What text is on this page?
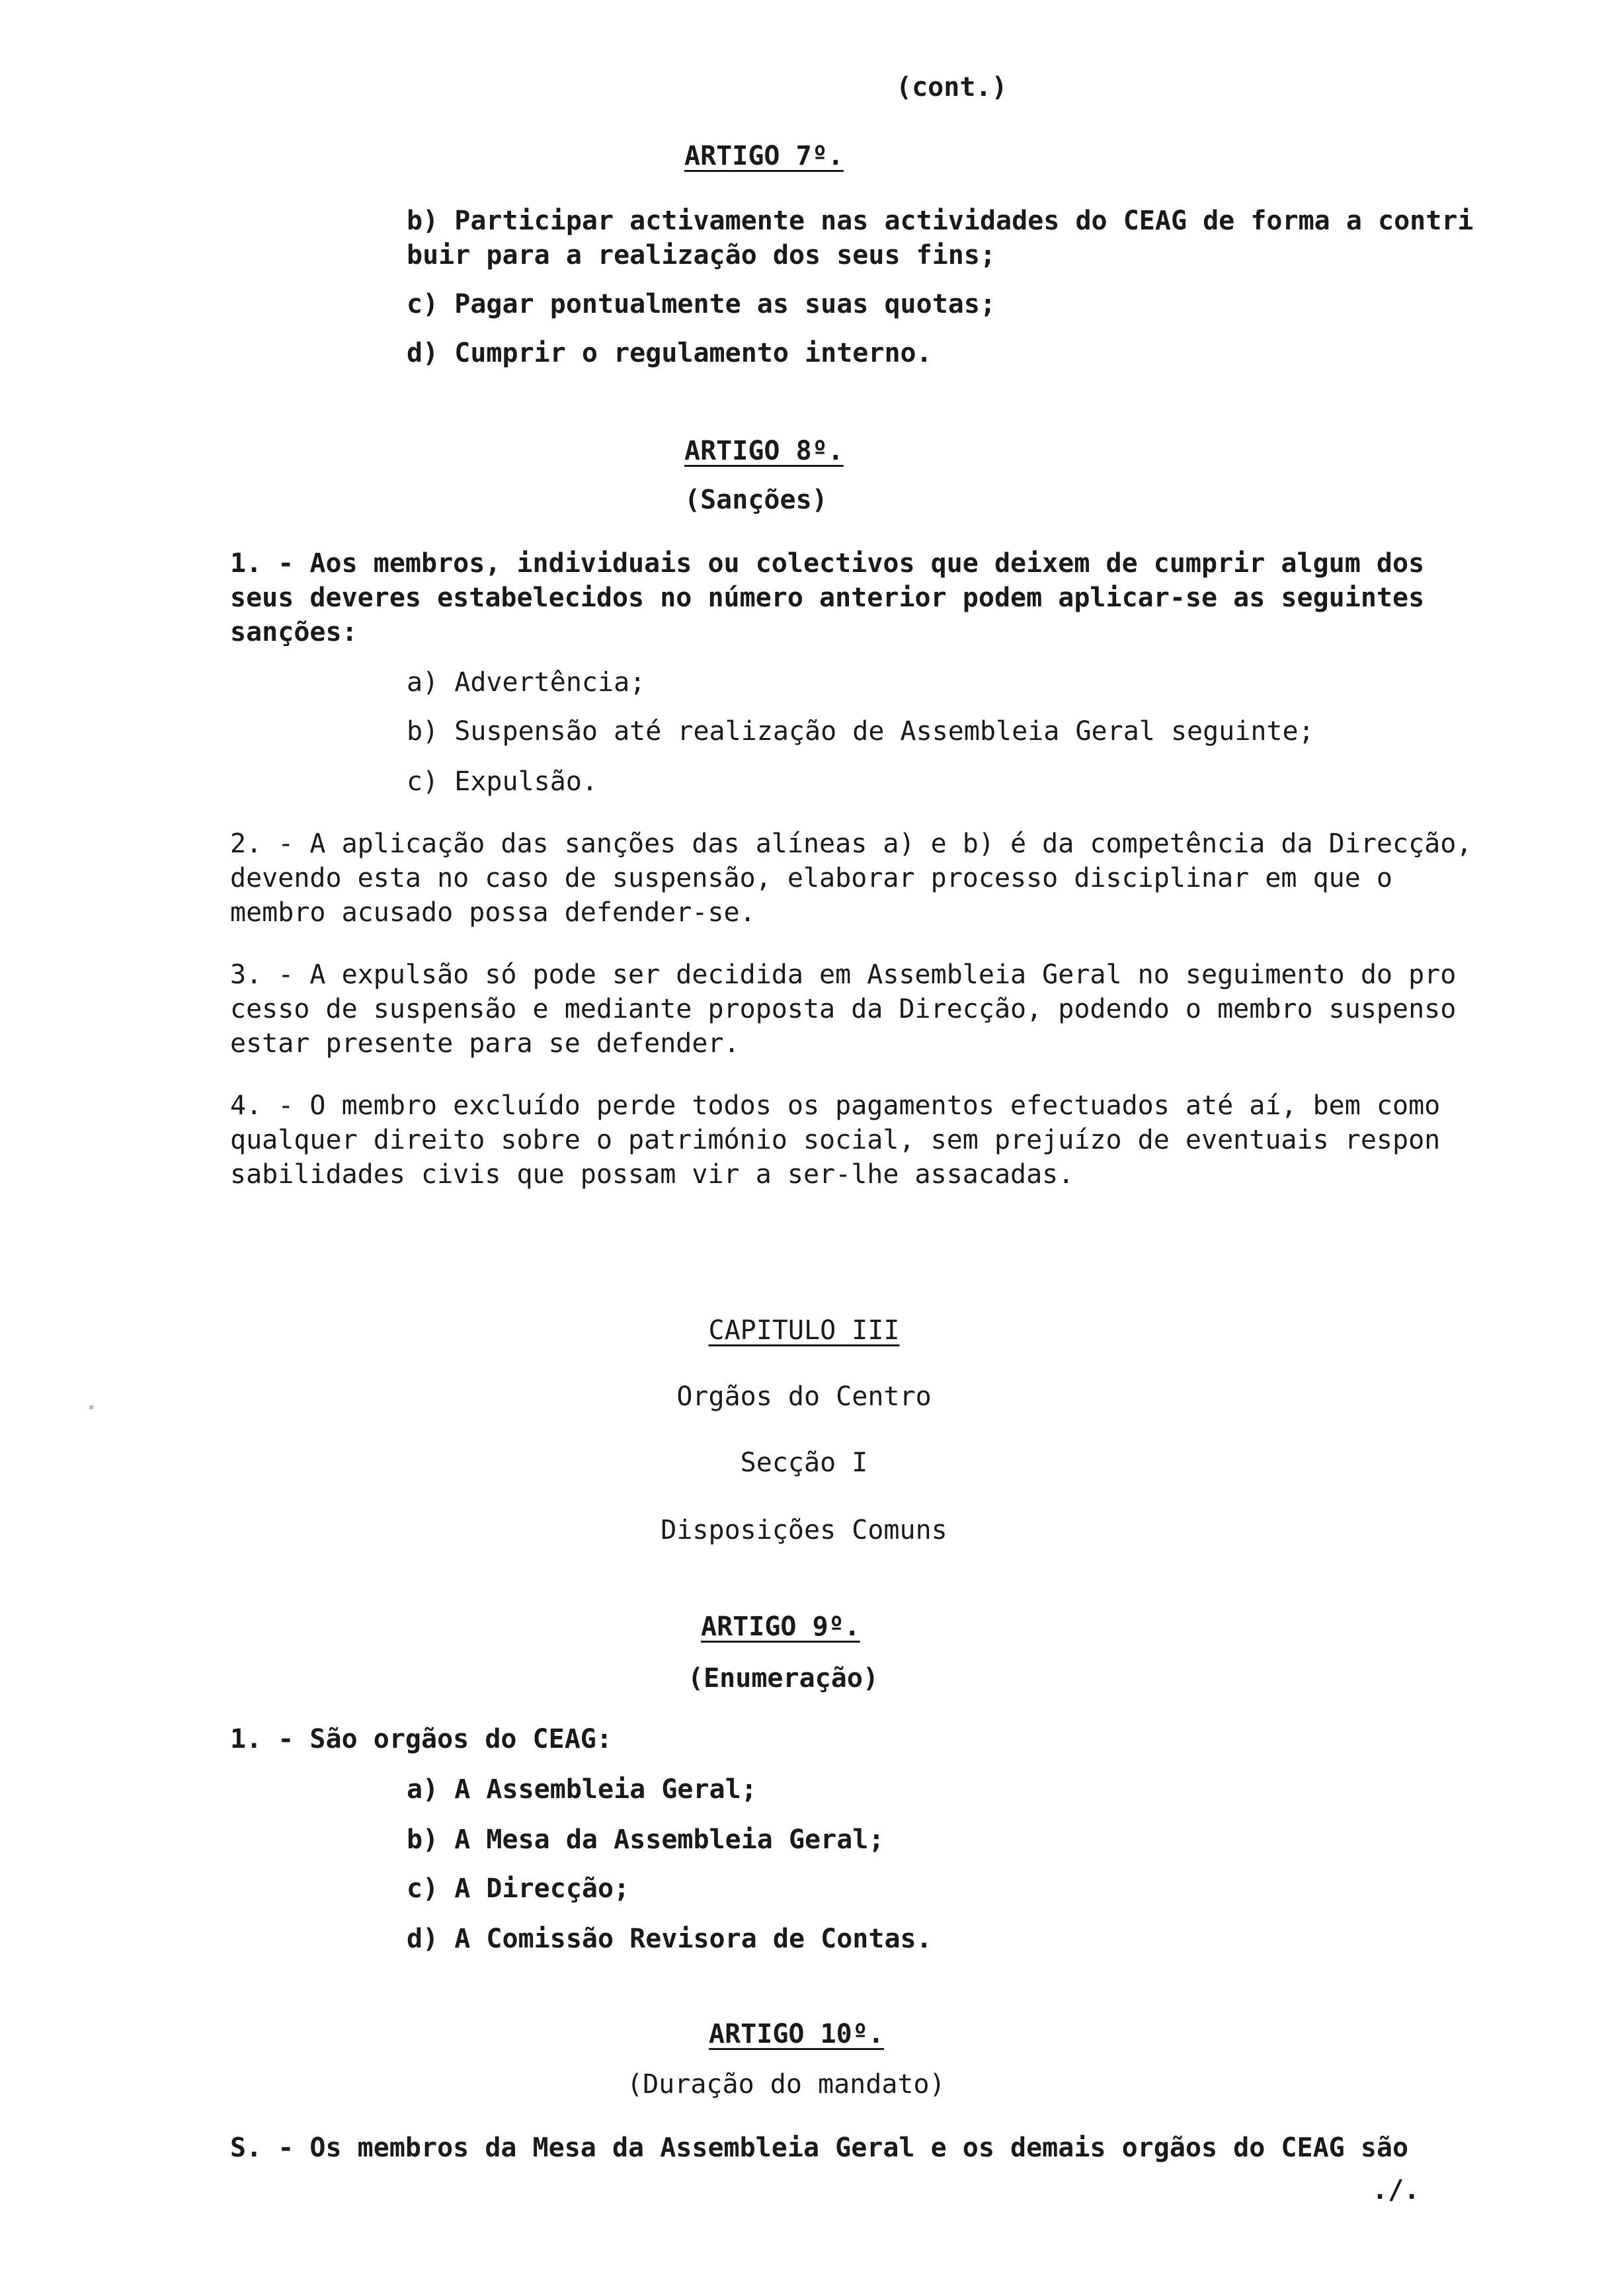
(cont.)
ARTIGO 7º.
b) Participar activamente nas actividades do CEAG de forma a contri
buir para a realização dos seus fins;
c) Pagar pontualmente as suas quotas;
d) Cumprir o regulamento interno.
ARTIGO 8º.
(Sanções)
1. - Aos membros, individuais ou colectivos que deixem de cumprir algum dos
seus deveres estabelecidos no número anterior podem aplicar-se as seguintes
sanções:
a) Advertência;
b) Suspensão até realização de Assembleia Geral seguinte;
c) Expulsão.
2. - A aplicação das sanções das alíneas a) e b) é da competência da Direcção,
devendo esta no caso de suspensão, elaborar processo disciplinar em que o
membro acusado possa defender-se.
3. - A expulsão só pode ser decidida em Assembleia Geral no seguimento do pro
cesso de suspensão e mediante proposta da Direcção, podendo o membro suspenso
estar presente para se defender.
4. - O membro excluído perde todos os pagamentos efectuados até aí, bem como
qualquer direito sobre o património social, sem prejuízo de eventuais respon
sabilidades civis que possam vir a ser-lhe assacadas.
CAPITULO III
Orgãos do Centro
Secção I
Disposições Comuns
ARTIGO 9º.
(Enumeração)
1. - São orgãos do CEAG:
a) A Assembleia Geral;
b) A Mesa da Assembleia Geral;
c) A Direcção;
d) A Comissão Revisora de Contas.
ARTIGO 10º.
(Duração do mandato)
S. - Os membros da Mesa da Assembleia Geral e os demais orgãos do CEAG são
./.
